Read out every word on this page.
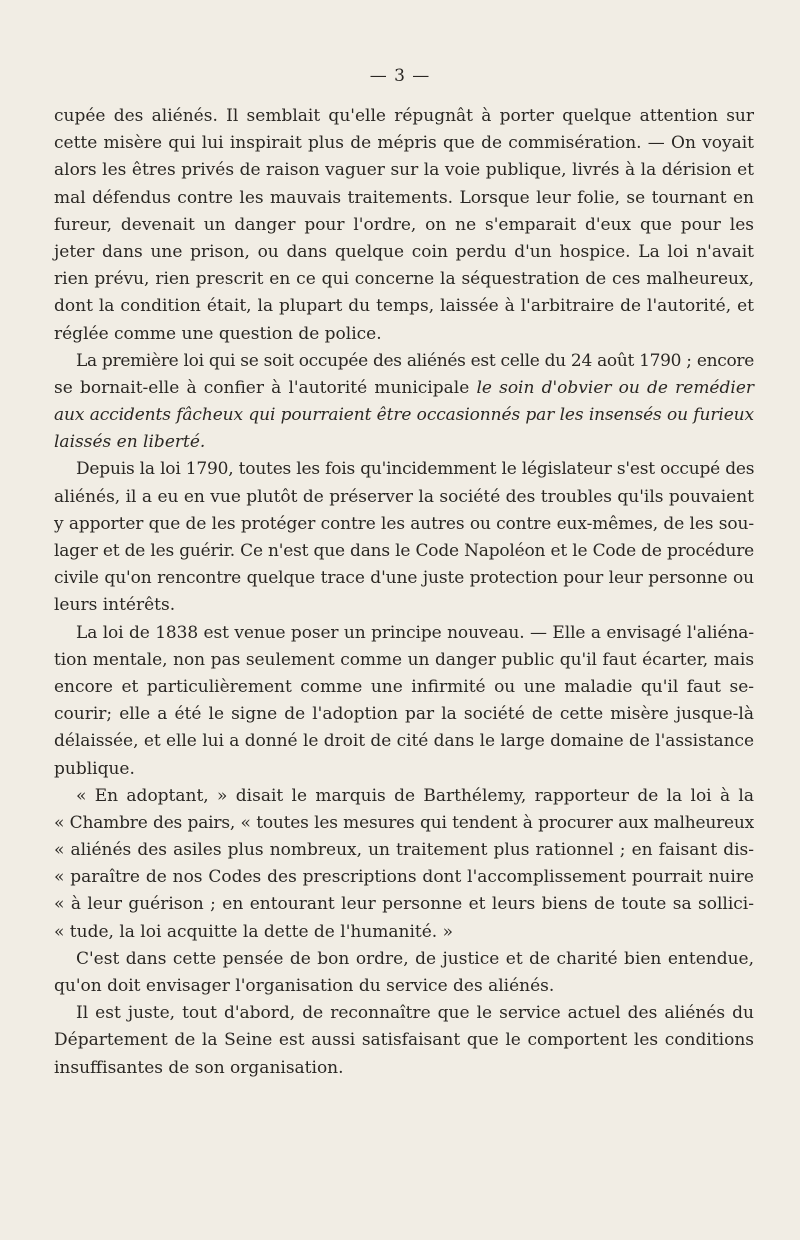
— 3 —
cupée des aliénés. Il semblait qu'elle répugnât à porter quelque attention sur
cette misère qui lui inspirait plus de mépris que de commisération. — On voyait
alors les êtres privés de raison vaguer sur la voie publique, livrés à la dérision et
mal défendus contre les mauvais traitements. Lorsque leur folie, se tournant en
fureur, devenait un danger pour l'ordre, on ne s'emparait d'eux que pour les
jeter dans une prison, ou dans quelque coin perdu d'un hospice. La loi n'avait
rien prévu, rien prescrit en ce qui concerne la séquestration de ces malheureux,
dont la condition était, la plupart du temps, laissée à l'arbitraire de l'autorité, et
réglée comme une question de police.
La première loi qui se soit occupée des aliénés est celle du 24 août 1790 ; encore
se bornait-elle à confier à l'autorité municipale le soin d'obvier ou de remédier
aux accidents fâcheux qui pourraient être occasionnés par les insensés ou furieux
laissés en liberté.
Depuis la loi 1790, toutes les fois qu'incidemment le législateur s'est occupé des
aliénés, il a eu en vue plutôt de préserver la société des troubles qu'ils pouvaient
y apporter que de les protéger contre les autres ou contre eux-mêmes, de les sou-
lager et de les guérir. Ce n'est que dans le Code Napoléon et le Code de procédure
civile qu'on rencontre quelque trace d'une juste protection pour leur personne ou
leurs intérêts.
La loi de 1838 est venue poser un principe nouveau. — Elle a envisagé l'aliéna-
tion mentale, non pas seulement comme un danger public qu'il faut écarter, mais
encore et particulièrement comme une infirmité ou une maladie qu'il faut se-
courir; elle a été le signe de l'adoption par la société de cette misère jusque-là
délaissée, et elle lui a donné le droit de cité dans le large domaine de l'assistance
publique.
« En adoptant, » disait le marquis de Barthélemy, rapporteur de la loi à la
« Chambre des pairs, « toutes les mesures qui tendent à procurer aux malheureux
« aliénés des asiles plus nombreux, un traitement plus rationnel ; en faisant dis-
« paraître de nos Codes des prescriptions dont l'accomplissement pourrait nuire
« à leur guérison ; en entourant leur personne et leurs biens de toute sa sollici-
« tude, la loi acquitte la dette de l'humanité. »
C'est dans cette pensée de bon ordre, de justice et de charité bien entendue,
qu'on doit envisager l'organisation du service des aliénés.
Il est juste, tout d'abord, de reconnaître que le service actuel des aliénés du
Département de la Seine est aussi satisfaisant que le comportent les conditions
insuffisantes de son organisation.
